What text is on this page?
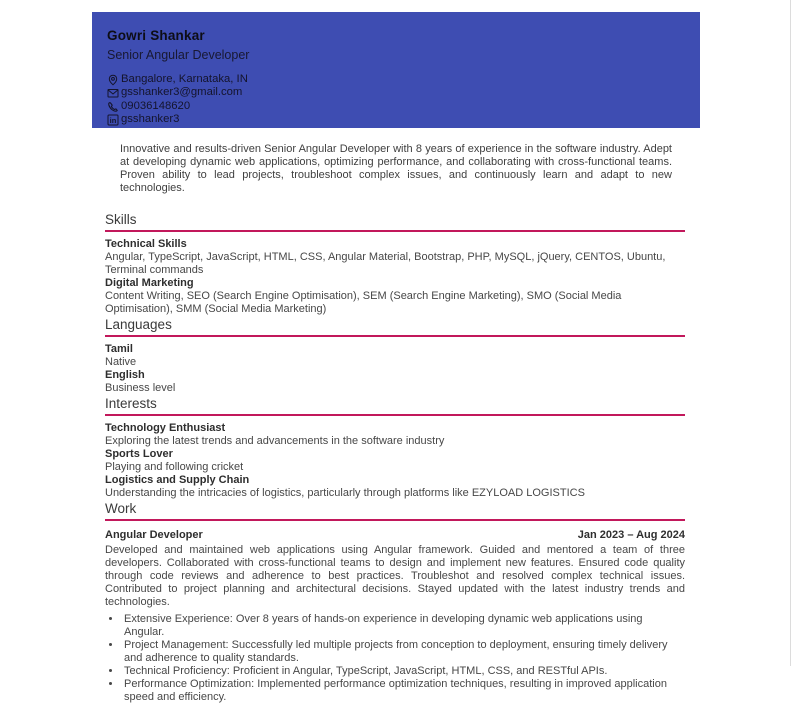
Gowri Shankar
Senior Angular Developer
Bangalore, Karnataka, IN
gsshanker3@gmail.com
09036148620
in gsshanker3

Innovative and results-driven Senior Angular Developer with 8 years of experience in the software industry. Adept at developing dynamic web applications, optimizing performance, and collaborating with cross-functional teams. Proven ability to lead projects, troubleshoot complex issues, and continuously learn and adapt to new technologies.

Skills
Technical Skills
Angular, TypeScript, JavaScript, HTML, CSS, Angular Material, Bootstrap, PHP, MySQL, jQuery, CENTOS, Ubuntu, Terminal commands
Digital Marketing
Content Writing, SEO (Search Engine Optimisation), SEM (Search Engine Marketing), SMO (Social Media Optimisation), SMM (Social Media Marketing)
Languages
Tamil
Native
English
Business level
Interests
Technology Enthusiast
Exploring the latest trends and advancements in the software industry
Sports Lover
Playing and following cricket
Logistics and Supply Chain
Understanding the intricacies of logistics, particularly through platforms like EZYLOAD LOGISTICS
Work
Angular Developer	Jan 2023 – Aug 2024

Developed and maintained web applications using Angular framework. Guided and mentored a team of three developers. Collaborated with cross-functional teams to design and implement new features. Ensured code quality through code reviews and adherence to best practices. Troubleshot and resolved complex technical issues. Contributed to project planning and architectural decisions. Stayed updated with the latest industry trends and technologies.

• Extensive Experience: Over 8 years of hands-on experience in developing dynamic web applications using Angular.
• Project Management: Successfully led multiple projects from conception to deployment, ensuring timely delivery and adherence to quality standards.
• Technical Proficiency: Proficient in Angular, TypeScript, JavaScript, HTML, CSS, and RESTful APIs.
• Performance Optimization: Implemented performance optimization techniques, resulting in improved application speed and efficiency.
